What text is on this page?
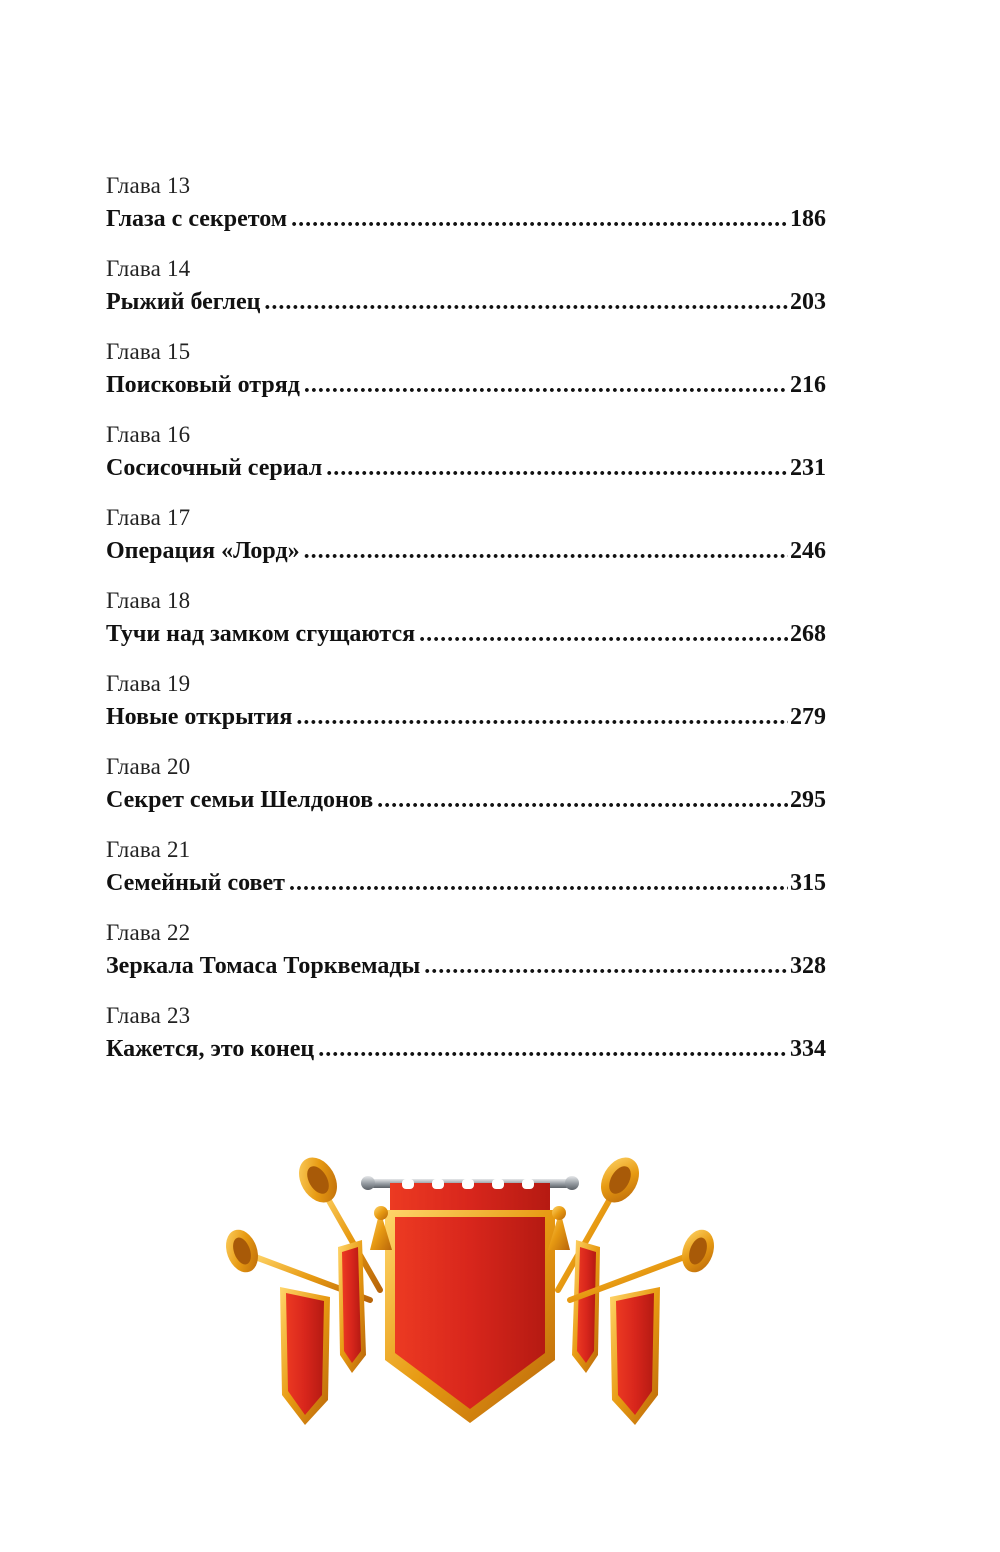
Глава 13
Глаза с секретом .....	186
Глава 14
Рыжий беглец .....	203
Глава 15
Поисковый отряд .....	216
Глава 16
Сосисочный сериал .....	231
Глава 17
Операция «Лорд» .....	246
Глава 18
Тучи над замком сгущаются .....	268
Глава 19
Новые открытия .....	279
Глава 20
Секрет семьи Шелдонов .....	295
Глава 21
Семейный совет .....	315
Глава 22
Зеркала Томаса Торквемады .....	328
Глава 23
Кажется, это конец .....	334
